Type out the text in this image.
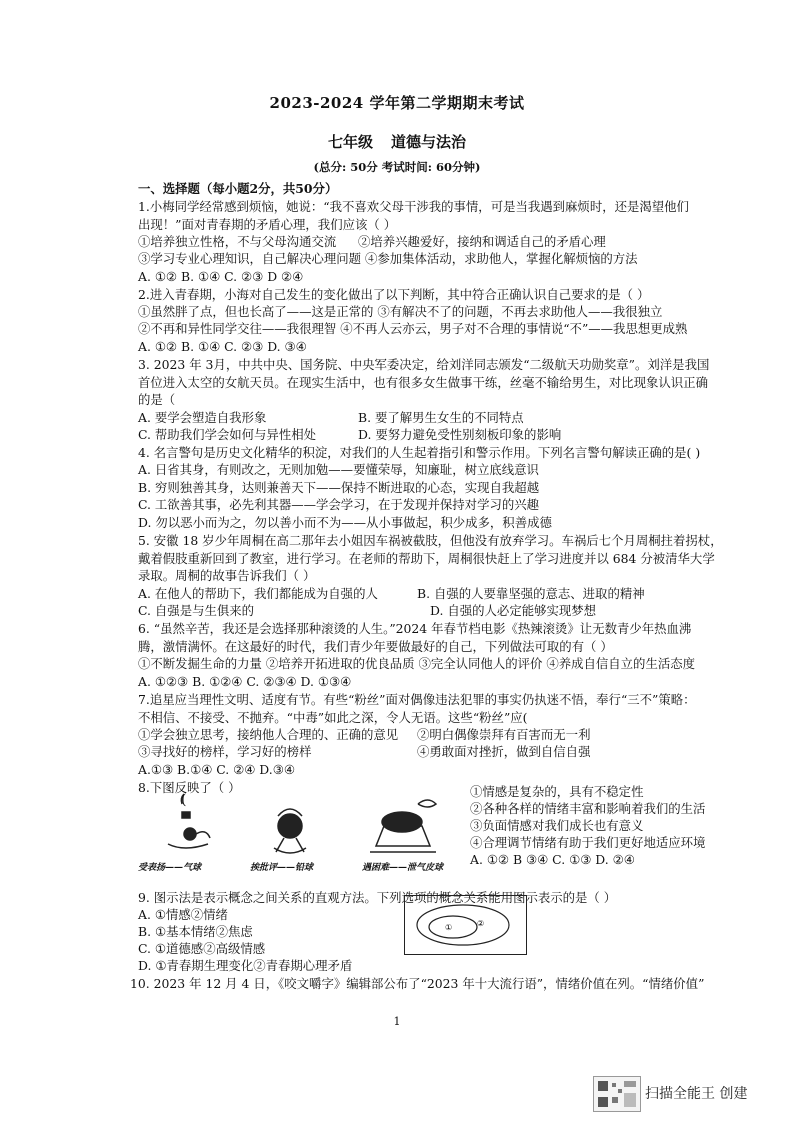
2023-2024 学年第二学期期末考试
七年级 道德与法治
(总分: 50分 考试时间: 60分钟)
一、选择题（每小题2分，共50分）
1.小梅同学经常感到烦恼，她说：“我不喜欢父母干涉我的事情，可是当我遇到麻烦时，还是渴望他们
出现！”面对青春期的矛盾心理，我们应该（ ）
①培养独立性格，不与父母沟通交流 ②培养兴趣爱好，接纳和调适自己的矛盾心理
③学习专业心理知识，自己解决心理问题 ④参加集体活动，求助他人，掌握化解烦恼的方法
A. ①② B. ①④ C. ②③ D ②④
2.进入青春期，小海对自己发生的变化做出了以下判断，其中符合正确认识自己要求的是（ ）
①虽然胖了点，但也长高了——这是正常的 ③有解决不了的问题，不再去求助他人——我很独立
②不再和异性同学交往——我很理智 ④不再人云亦云，男子对不合理的事情说“不”——我思想更成熟
A. ①② B. ①④ C. ②③ D. ③④
3. 2023 年 3月，中共中央、国务院、中央军委决定，给刘洋同志颁发“二级航天功勋奖章”。刘洋是我国
首位进入太空的女航天员。在现实生活中，也有很多女生做事干练，丝毫不输给男生，对比现象认识正确
的是（
A. 要学会塑造自我形象	B. 要了解男生女生的不同特点
C. 帮助我们学会如何与异性相处	D. 要努力避免受性别刻板印象的影响
4. 名言警句是历史文化精华的积淀，对我们的人生起着指引和警示作用。下列名言警句解读正确的是( )
A. 日省其身，有则改之，无则加勉——要懂荣辱，知廉耻，树立底线意识
B. 穷则独善其身，达则兼善天下——保持不断进取的心态，实现自我超越
C. 工欲善其事，必先利其器——学会学习，在于发现并保持对学习的兴趣
D. 勿以恶小而为之，勿以善小而不为——从小事做起，积少成多，积善成德
5. 安徽 18 岁少年周桐在高二那年去小姐因车祸被截肢，但他没有放弃学习。车祸后七个月周桐拄着拐杖，
戴着假肢重新回到了教室，进行学习。在老师的帮助下，周桐很快赶上了学习进度并以 684 分被清华大学
录取。周桐的故事告诉我们（ ）
A. 在他人的帮助下，我们都能成为自强的人	B. 自强的人要靠坚强的意志、进取的精神
C. 自强是与生俱来的	D. 自强的人必定能够实现梦想
6. “虽然辛苦，我还是会选择那种滚烫的人生。”2024 年春节档电影《热辣滚烫》让无数青少年热血沸
腾，激情满怀。在这最好的时代，我们青少年要做最好的自己，下列做法可取的有（ ）
①不断发掘生命的力量 ②培养开拓进取的优良品质 ③完全认同他人的评价 ④养成自信自立的生活态度
A. ①②③ B. ①②④ C. ②③④ D. ①③④
7.追星应当理性文明、适度有节。有些“粉丝”面对偶像违法犯罪的事实仍执迷不悟，奉行“三不”策略：
不相信、不接受、不抛弃。“中毒”如此之深，令人无语。这些“粉丝”应(
①学会独立思考，接纳他人合理的、正确的意见 ②明白偶像崇拜有百害而无一利
③寻找好的榜样，学习好的榜样	④勇敢面对挫折，做到自信自强
A.①③ B.①④ C. ②④ D.③④
8.下图反映了（ ）
(
受表扬——气球	挨批评——铅球	遇困难——泄气皮球
①情感是复杂的，具有不稳定性
②各种各样的情绪丰富和影响着我们的生活
③负面情感对我们成长也有意义
④合理调节情绪有助于我们更好地适应环境
A. ①② B ③④ C. ①③ D. ②④
9. 图示法是表示概念之间关系的直观方法。下列选项的概念关系能用图示表示的是（ ）
A. ①情感②情绪
B. ①基本情绪②焦虑
C. ①道德感②高级情感
D. ①青春期生理变化②青春期心理矛盾
①	②
10. 2023 年 12 月 4 日，《咬文嚼字》编辑部公布了“2023 年十大流行语”，情绪价值在列。“情绪价值”
1
扫描全能王 创建
